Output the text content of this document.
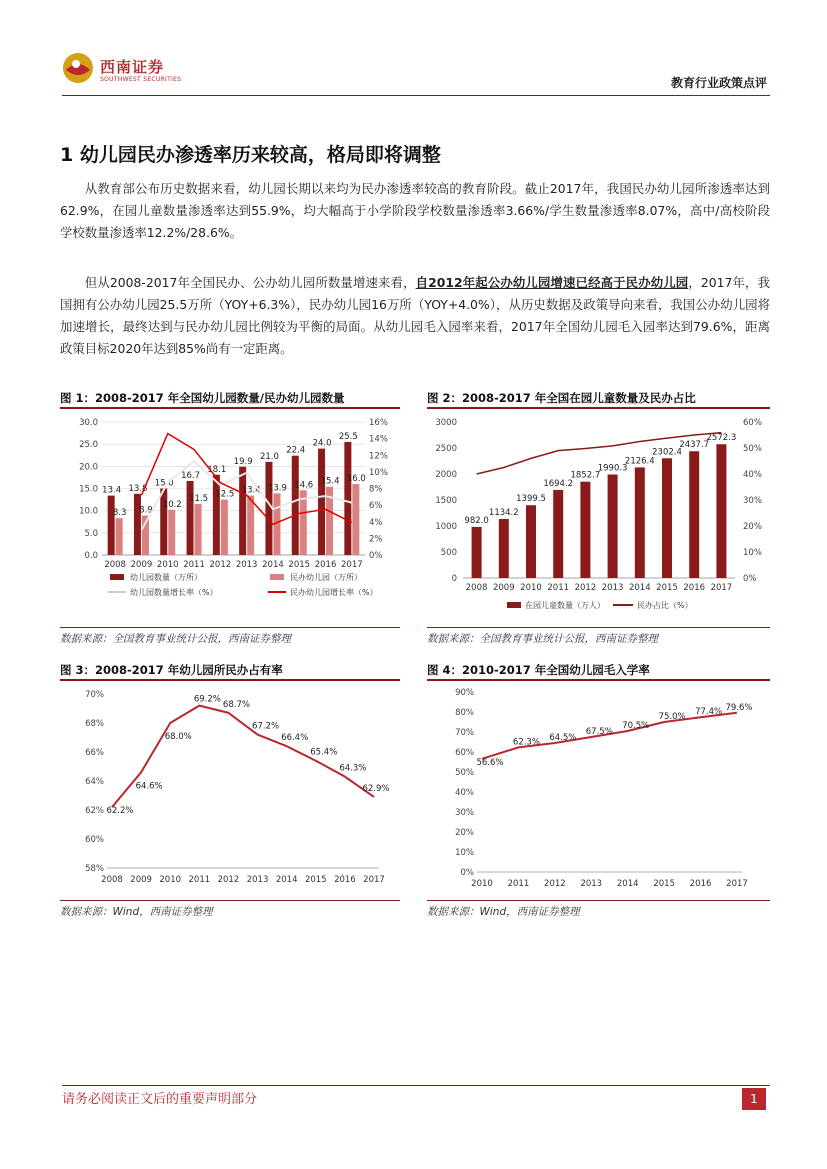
西南证券
SOUTHWEST SECURITIES	教育行业政策点评
1 幼儿园民办渗透率历来较高，格局即将调整

从教育部公布历史数据来看，幼儿园长期以来均为民办渗透率较高的教育阶段。截止2017年，我国民办幼儿园所渗透率达到62.9%，在园儿童数量渗透率达到55.9%，均大幅高于小学阶段学校数量渗透率3.66%/学生数量渗透率8.07%，高中/高校阶段学校数量渗透率12.2%/28.6%。

但从2008-2017年全国民办、公办幼儿园所数量增速来看，自2012年起公办幼儿园增速已经高于民办幼儿园，2017年，我国拥有公办幼儿园25.5万所（YOY+6.3%），民办幼儿园16万所（YOY+4.0%），从历史数据及政策导向来看，我国公办幼儿园将加速增长，最终达到与民办幼儿园比例较为平衡的局面。从幼儿园毛入园率来看，2017年全国幼儿园毛入园率达到79.6%，距离政策目标2020年达到85%尚有一定距离。

图 1：2008-2017 年全国幼儿园数量/民办幼儿园数量
0.0
5.0
10.0
15.0
20.0
25.0
30.0
0%
2%
4%
6%
8%
10%
12%
14%
16%
13.4
8.3
2008
13.8
8.9
2009
15.0
10.2
2010
16.7
11.5
2011
18.1
12.5
2012
19.9
13.4
2013
21.0
13.9
2014
22.4
14.6
2015
24.0
15.4
2016
25.5
16.0
2017
幼儿园数量（万所）	民办幼儿园（万所）
幼儿园数量增长率（%）	民办幼儿园增长率（%）
数据来源：全国教育事业统计公报，西南证券整理
图 2：2008-2017 年全国在园儿童数量及民办占比
0
500
1000
1500
2000
2500
3000
0%
10%
20%
30%
40%
50%
60%
982.0
2008
1134.2
2009
1399.5
2010
1694.2
2011
1852.7
2012
1990.3
2013
2126.4
2014
2302.4
2015
2437.7
2016
2572.3
2017
在园儿童数量（万人）	民办占比（%）
数据来源：全国教育事业统计公报，西南证券整理
图 3：2008-2017 年幼儿园所民办占有率
58%
60%
62%
64%
66%
68%
70%
2008
62.2%
2009
64.6%
2010
68.0%
2011
69.2%
2012
68.7%
2013
67.2%
2014
66.4%
2015
65.4%
2016
64.3%
2017
62.9%
数据来源：Wind，西南证券整理
图 4：2010-2017 年全国幼儿园毛入学率
0%
10%
20%
30%
40%
50%
60%
70%
80%
90%
2010
56.6%
2011
62.3%
2012
64.5%
2013
67.5%
2014
70.5%
2015
75.0%
2016
77.4%
2017
79.6%
数据来源：Wind，西南证券整理
请务必阅读正文后的重要声明部分	1
